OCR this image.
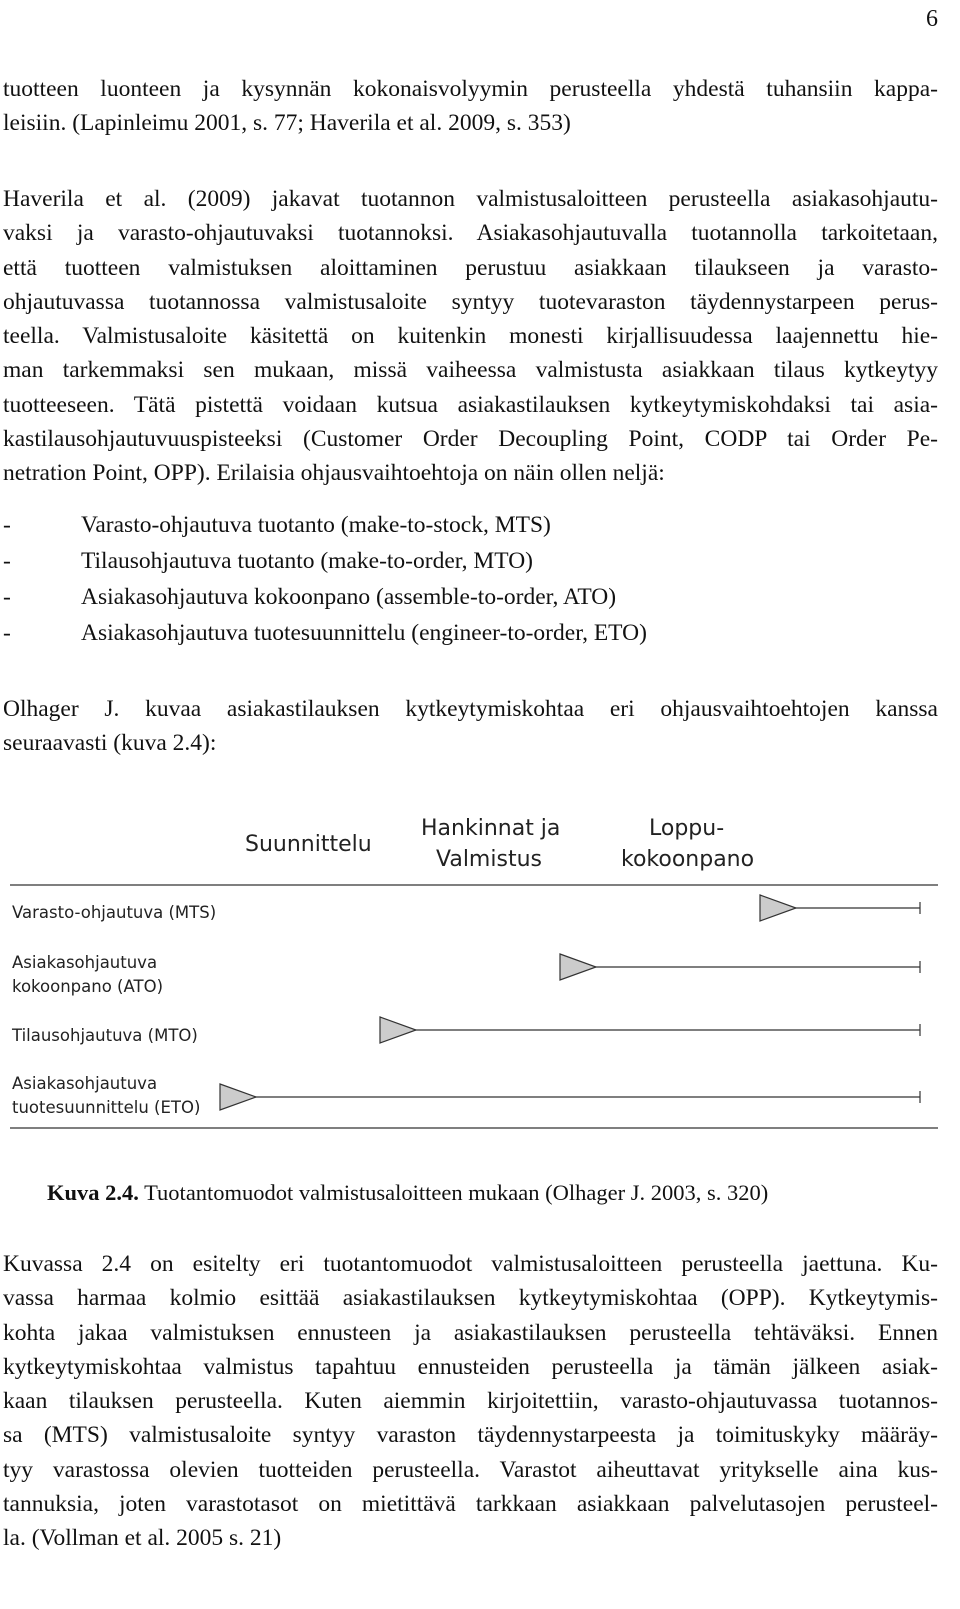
6
tuotteen luonteen ja kysynnän kokonaisvolyymin perusteella yhdestä tuhansiin kappa-
leisiin. (Lapinleimu 2001, s. 77; Haverila et al. 2009, s. 353)
Haverila et al. (2009) jakavat tuotannon valmistusaloitteen perusteella asiakasohjautu-
vaksi ja varasto-ohjautuvaksi tuotannoksi. Asiakasohjautuvalla tuotannolla tarkoitetaan,
että tuotteen valmistuksen aloittaminen perustuu asiakkaan tilaukseen ja varasto-
ohjautuvassa tuotannossa valmistusaloite syntyy tuotevaraston täydennystarpeen perus-
teella. Valmistusaloite käsitettä on kuitenkin monesti kirjallisuudessa laajennettu hie-
man tarkemmaksi sen mukaan, missä vaiheessa valmistusta asiakkaan tilaus kytkeytyy
tuotteeseen. Tätä pistettä voidaan kutsua asiakastilauksen kytkeytymiskohdaksi tai asia-
kastilausohjautuvuuspisteeksi (Customer Order Decoupling Point, CODP tai Order Pe-
netration Point, OPP). Erilaisia ohjausvaihtoehtoja on näin ollen neljä:
-	Varasto-ohjautuva tuotanto (make-to-stock, MTS)
-	Tilausohjautuva tuotanto (make-to-order, MTO)
-	Asiakasohjautuva kokoonpano (assemble-to-order, ATO)
-	Asiakasohjautuva tuotesuunnittelu (engineer-to-order, ETO)
Olhager J. kuvaa asiakastilauksen kytkeytymiskohtaa eri ohjausvaihtoehtojen kanssa
seuraavasti (kuva 2.4):
Suunnittelu
Hankinnat ja
Valmistus
Loppu-
kokoonpano
Varasto-ohjautuva (MTS)
Asiakasohjautuva
kokoonpano (ATO)
Tilausohjautuva (MTO)
Asiakasohjautuva
tuotesuunnittelu (ETO)
Kuva 2.4. Tuotantomuodot valmistusaloitteen mukaan (Olhager J. 2003, s. 320)
Kuvassa 2.4 on esitelty eri tuotantomuodot valmistusaloitteen perusteella jaettuna. Ku-
vassa harmaa kolmio esittää asiakastilauksen kytkeytymiskohtaa (OPP). Kytkeytymis-
kohta jakaa valmistuksen ennusteen ja asiakastilauksen perusteella tehtäväksi. Ennen
kytkeytymiskohtaa valmistus tapahtuu ennusteiden perusteella ja tämän jälkeen asiak-
kaan tilauksen perusteella. Kuten aiemmin kirjoitettiin, varasto-ohjautuvassa tuotannos-
sa (MTS) valmistusaloite syntyy varaston täydennystarpeesta ja toimituskyky määräy-
tyy varastossa olevien tuotteiden perusteella. Varastot aiheuttavat yritykselle aina kus-
tannuksia, joten varastotasot on mietittävä tarkkaan asiakkaan palvelutasojen perusteel-
la. (Vollman et al. 2005 s. 21)
